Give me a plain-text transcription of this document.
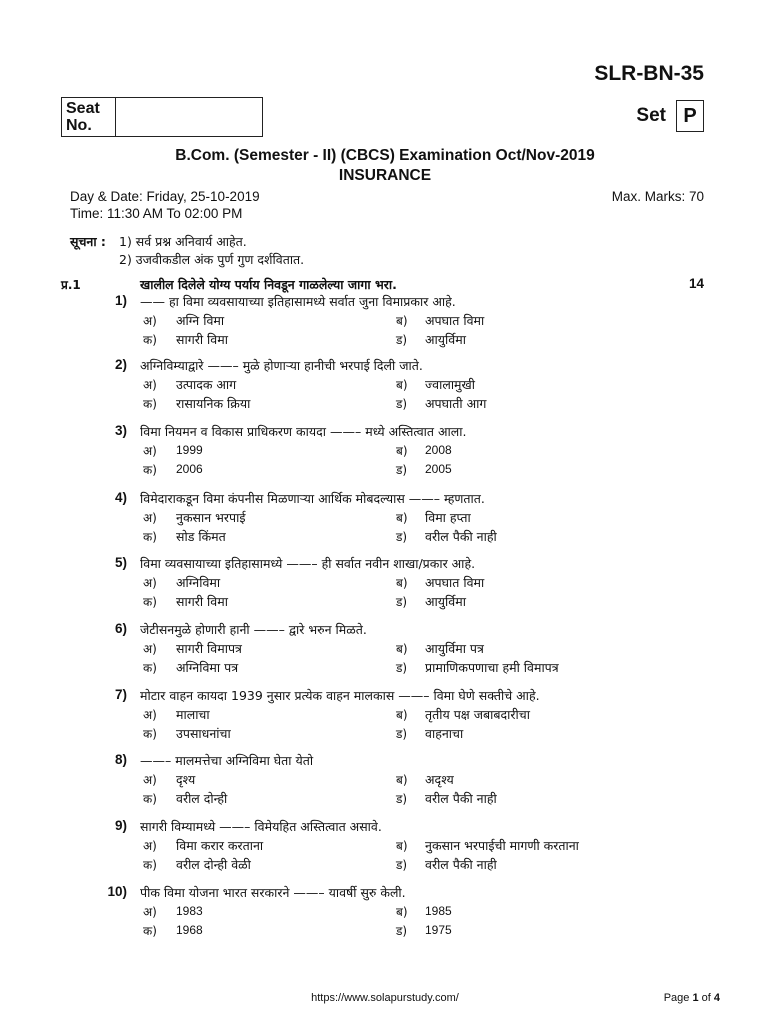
SLR-BN-35
Seat
No.	Set P
B.Com. (Semester - II) (CBCS) Examination Oct/Nov-2019
INSURANCE
Day & Date: Friday, 25-10-2019
Time: 11:30 AM To 02:00 PM
Max. Marks: 70
सूचना : 1) सर्व प्रश्न अनिवार्य आहेत.
2) उजवीकडील अंक पुर्ण गुण दर्शवितात.
प्र.1	खालील दिलेले योग्य पर्याय निवडून गाळलेल्या जागा भरा.	14
1) —— हा विमा व्यवसायाच्या इतिहासामध्ये सर्वात जुना विमाप्रकार आहे.
अ) अग्नि विमा	ब) अपघात विमा
क) सागरी विमा	ड) आयुर्विमा
2) अग्निविम्याद्वारे ——– मुळे होणाऱ्या हानीची भरपाई दिली जाते.
अ) उत्पादक आग	ब) ज्वालामुखी
क) रासायनिक क्रिया	ड) अपघाती आग
3) विमा नियमन व विकास प्राधिकरण कायदा ——– मध्ये अस्तित्वात आला.
अ) 1999	ब) 2008
क) 2006	ड) 2005
4) विमेदाराकडून विमा कंपनीस मिळणाऱ्या आर्थिक मोबदल्यास ——– म्हणतात.
अ) नुकसान भरपाई	ब) विमा हप्ता
क) सोड किंमत	ड) वरील पैकी नाही
5) विमा व्यवसायाच्या इतिहासामध्ये ——– ही सर्वात नवीन शाखा/प्रकार आहे.
अ) अग्निविमा	ब) अपघात विमा
क) सागरी विमा	ड) आयुर्विमा
6) जेटीसनमुळे होणारी हानी ——– द्वारे भरुन मिळते.
अ) सागरी विमापत्र	ब) आयुर्विमा पत्र
क) अग्निविमा पत्र	ड) प्रामाणिकपणाचा हमी विमापत्र
7) मोटार वाहन कायदा 1939 नुसार प्रत्येक वाहन मालकास ——– विमा घेणे सक्तीचे आहे.
अ) मालाचा	ब) तृतीय पक्ष जबाबदारीचा
क) उपसाधनांचा	ड) वाहनाचा
8) ——– मालमत्तेचा अग्निविमा घेता येतो
अ) दृश्य	ब) अदृश्य
क) वरील दोन्ही	ड) वरील पैकी नाही
9) सागरी विम्यामध्ये ——– विमेयहित अस्तित्वात असावे.
अ) विमा करार करताना	ब) नुकसान भरपाईची मागणी करताना
क) वरील दोन्ही वेळी	ड) वरील पैकी नाही
10) पीक विमा योजना भारत सरकारने ——– यावर्षी सुरु केली.
अ) 1983	ब) 1985
क) 1968	ड) 1975
https://www.solapurstudy.com/	Page 1 of 4
